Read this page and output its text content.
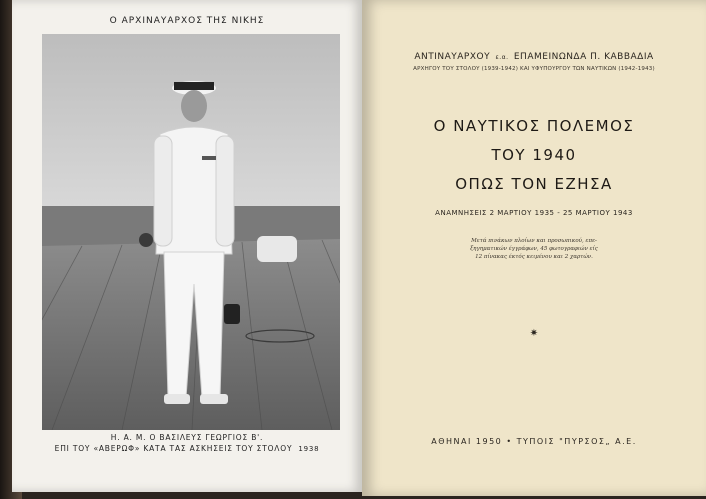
Ο ΑΡΧΙΝΑΥΑΡΧΟΣ ΤΗΣ ΝΙΚΗΣ
Η. Α. Μ. Ο ΒΑΣΙΛΕΥΣ ΓΕΩΡΓΙΟΣ Β'.
ΕΠΙ ΤΟΥ «ΑΒΕΡΩΦ» ΚΑΤΑ ΤΑΣ ΑΣΚΗΣΕΙΣ ΤΟΥ ΣΤΟΛΟΥ 1938
ΑΝΤΙΝΑΥΑΡΧΟΥ ε.α. ΕΠΑΜΕΙΝΩΝΔΑ Π. ΚΑΒΒΑΔΙΑ
ΑΡΧΗΓΟΥ ΤΟΥ ΣΤΟΛΟΥ (1939-1942) ΚΑΙ ΥΦΥΠΟΥΡΓΟΥ ΤΩΝ ΝΑΥΤΙΚΩΝ (1942-1943)
Ο ΝΑΥΤΙΚΟΣ ΠΟΛΕΜΟΣ
ΤΟΥ 1940
ΟΠΩΣ ΤΟΝ ΕΖΗΣΑ
ΑΝΑΜΝΗΣΕΙΣ 2 ΜΑΡΤΙΟΥ 1935 - 25 ΜΑΡΤΙΟΥ 1943
Μετά πινάκων πλοίων και προσωπικού, επε-
ξηγηματικών έγγράφων, 45 φωτογραφιών είς
12 πίνακας έκτός κειμένου και 2 χαρτών.
✷
ΑΘΗΝΑΙ 1950 • ΤΥΠΟΙΣ "ΠΥΡΣΟΣ„ Α.Ε.
